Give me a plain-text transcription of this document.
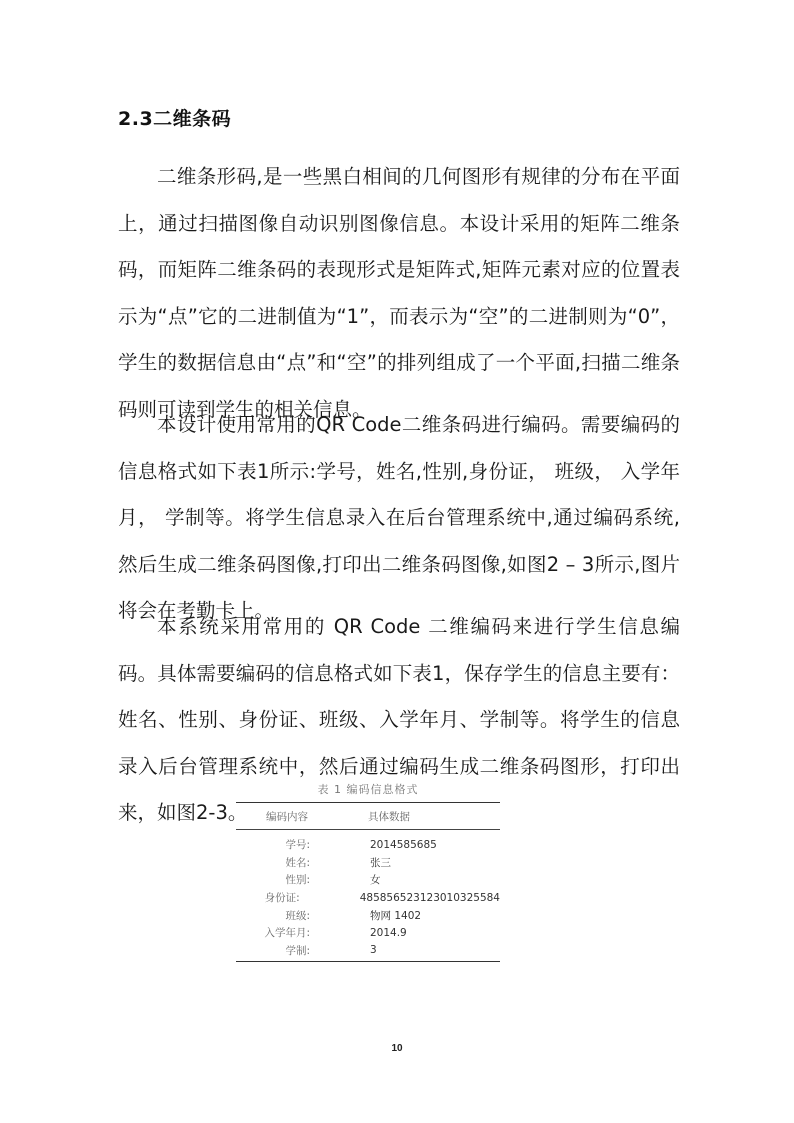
2.3二维条码

二维条形码,是一些黑白相间的几何图形有规律的分布在平面上，通过扫描图像自动识别图像信息。本设计采用的矩阵二维条码，而矩阵二维条码的表现形式是矩阵式,矩阵元素对应的位置表示为“点”它的二进制值为“1”，而表示为“空”的二进制则为“0”，学生的数据信息由“点”和“空”的排列组成了一个平面,扫描二维条码则可读到学生的相关信息。

本设计使用常用的QR Code二维条码进行编码。需要编码的信息格式如下表1所示:学号，姓名,性别,身份证， 班级， 入学年月， 学制等。将学生信息录入在后台管理系统中,通过编码系统,然后生成二维条码图像,打印出二维条码图像,如图2 – 3所示,图片将会在考勤卡上。

本系统采用常用的 QR Code 二维编码来进行学生信息编码。具体需要编码的信息格式如下表1，保存学生的信息主要有：姓名、性别、身份证、班级、入学年月、学制等。将学生的信息录入后台管理系统中，然后通过编码生成二维条码图形，打印出来，如图2-3。

表 1 编码信息格式
编码内容	具体数据
学号:	2014585685
姓名:	张三
性别:	女
身份证:	485856523123010325584
班级:	物网 1402
入学年月:	2014.9
学制:	3
10
